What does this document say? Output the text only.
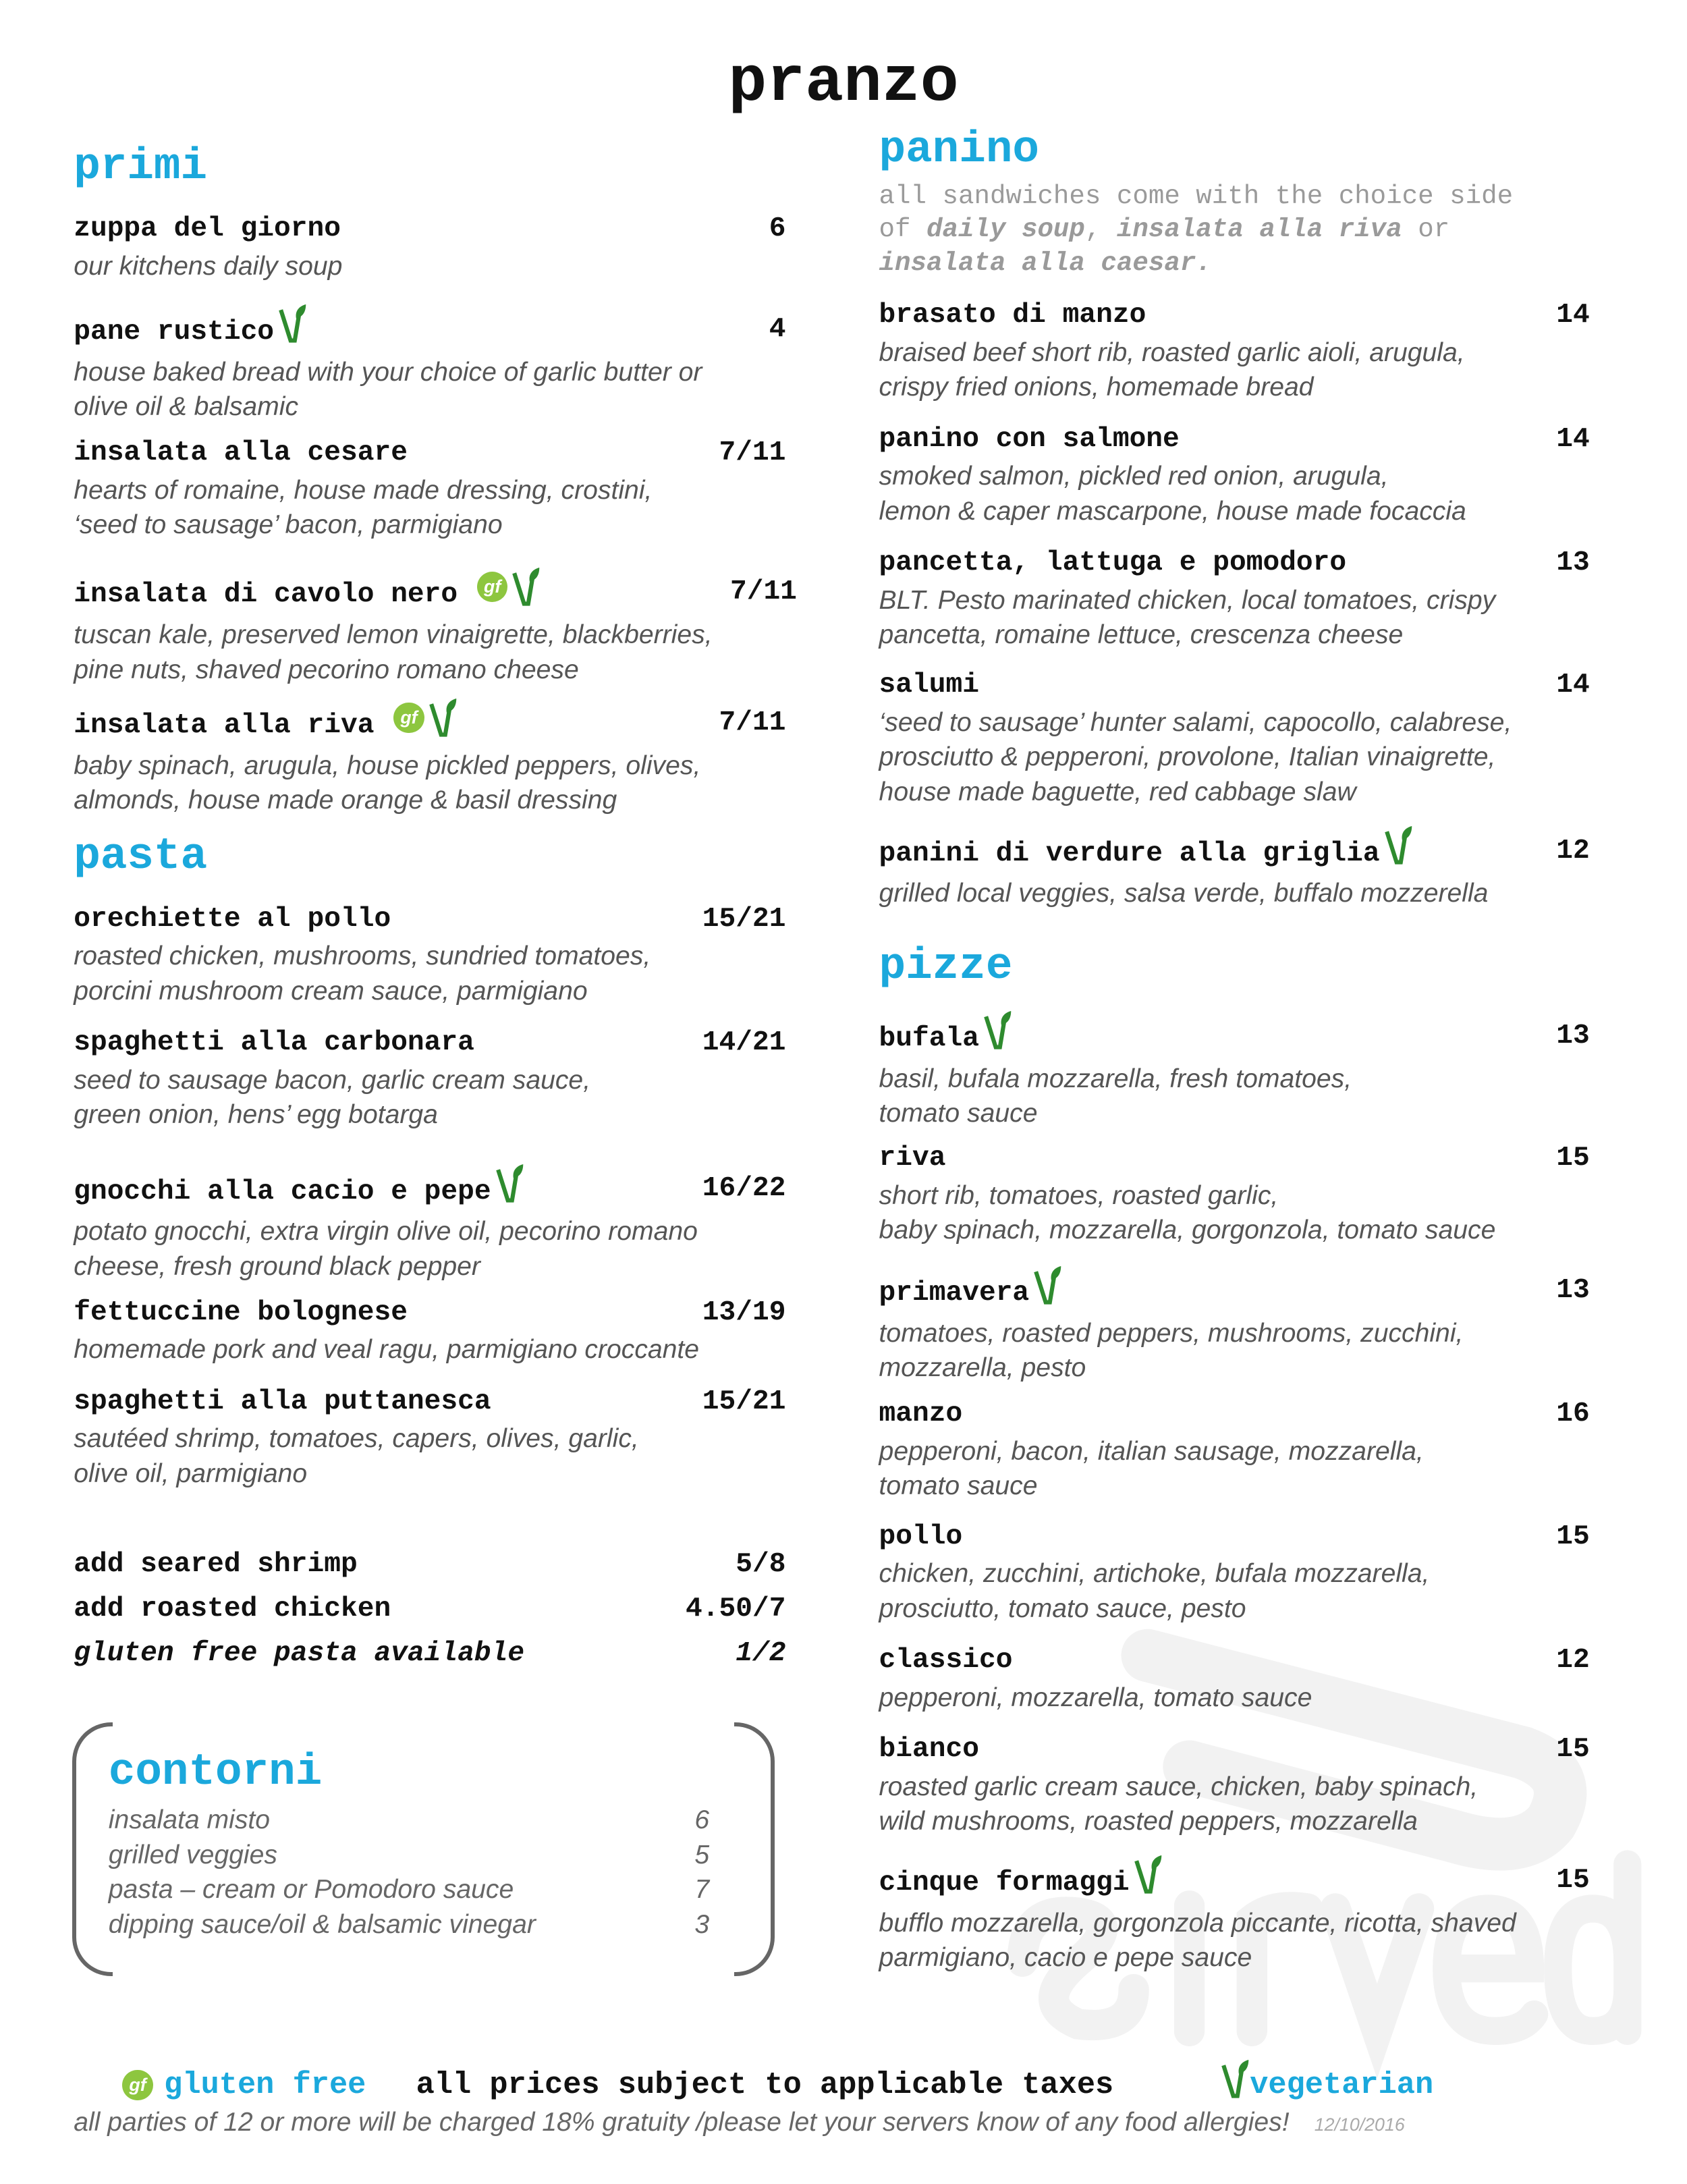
pranzo
primi
pasta
panino
pizze
all sandwiches come with the choice side
of daily soup, insalata alla riva or
insalata alla caesar.
zuppa del giorno	6
our kitchens daily soup
pane rustico	4
house baked bread with your choice of garlic butter or
olive oil & balsamic
insalata alla cesare	7/11
hearts of romaine, house made dressing, crostini,
‘seed to sausage’ bacon, parmigiano
insalata di cavolo nero	gf	7/11
tuscan kale, preserved lemon vinaigrette, blackberries,
pine nuts, shaved pecorino romano cheese
insalata alla riva	gf	7/11
baby spinach, arugula, house pickled peppers, olives,
almonds, house made orange & basil dressing
orechiette al pollo	15/21
roasted chicken, mushrooms, sundried tomatoes,
porcini mushroom cream sauce, parmigiano
spaghetti alla carbonara	14/21
seed to sausage bacon, garlic cream sauce,
green onion, hens’ egg botarga
gnocchi alla cacio e pepe	16/22
potato gnocchi, extra virgin olive oil, pecorino romano
cheese, fresh ground black pepper
fettuccine bolognese	13/19
homemade pork and veal ragu, parmigiano croccante
spaghetti alla puttanesca	15/21
sautéed shrimp, tomatoes, capers, olives, garlic,
olive oil, parmigiano
brasato di manzo	14
braised beef short rib, roasted garlic aioli, arugula,
crispy fried onions, homemade bread
panino con salmone	14
smoked salmon, pickled red onion, arugula,
lemon & caper mascarpone, house made focaccia
pancetta, lattuga e pomodoro	13
BLT. Pesto marinated chicken, local tomatoes, crispy
pancetta, romaine lettuce, crescenza cheese
salumi	14
‘seed to sausage’ hunter salami, capocollo, calabrese,
prosciutto & pepperoni, provolone, Italian vinaigrette,
house made baguette, red cabbage slaw
panini di verdure alla griglia	12
grilled local veggies, salsa verde, buffalo mozzerella
bufala	13
basil, bufala mozzarella, fresh tomatoes,
tomato sauce
riva	15
short rib, tomatoes, roasted garlic,
baby spinach, mozzarella, gorgonzola, tomato sauce
primavera	13
tomatoes, roasted peppers, mushrooms, zucchini,
mozzarella, pesto
manzo	16
pepperoni, bacon, italian sausage, mozzarella,
tomato sauce
pollo	15
chicken, zucchini, artichoke, bufala mozzarella,
prosciutto, tomato sauce, pesto
classico	12
pepperoni, mozzarella, tomato sauce
bianco	15
roasted garlic cream sauce, chicken, baby spinach,
wild mushrooms, roasted peppers, mozzarella
cinque formaggi	15
bufflo mozzarella, gorgonzola piccante, ricotta, shaved
parmigiano, cacio e pepe sauce
add seared shrimp	5/8
add roasted chicken	4.50/7
gluten free pasta available	1/2
contorni
insalata misto	6
grilled veggies	5
pasta – cream or Pomodoro sauce	7
dipping sauce/oil & balsamic vinegar	3
gf	gluten free	all prices subject to applicable taxes	vegetarian
all parties of 12 or more will be charged 18% gratuity /please let your servers know of any food allergies!	12/10/2016
